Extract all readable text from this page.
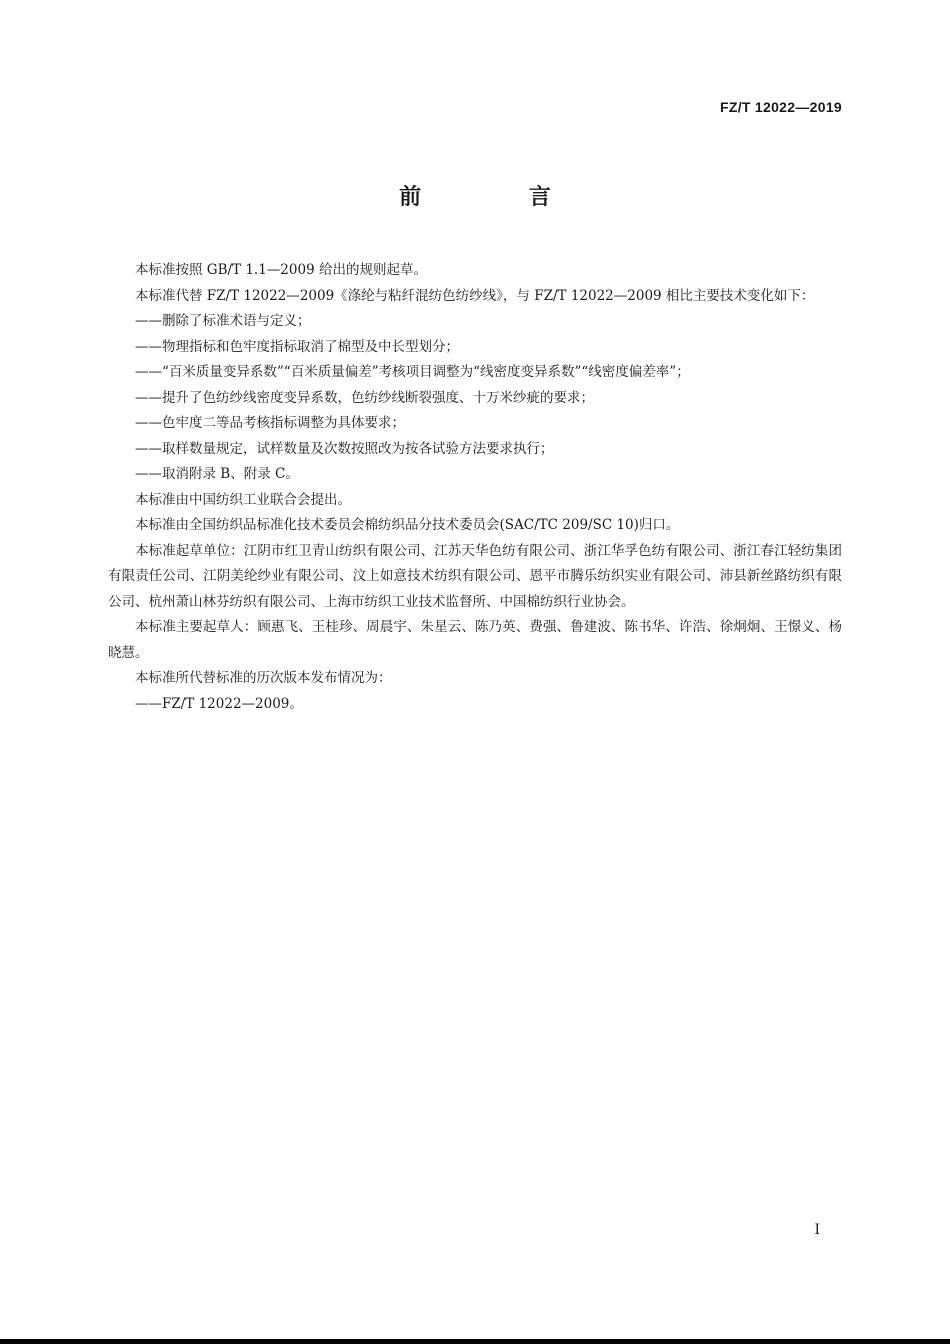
FZ/T 12022—2019
前 言

本标准按照 GB/T 1.1—2009 给出的规则起草。

本标准代替 FZ/T 12022—2009《涤纶与粘纤混纺色纺纱线》，与 FZ/T 12022—2009 相比主要技术变化如下：

——删除了标准术语与定义；

——物理指标和色牢度指标取消了棉型及中长型划分；

——“百米质量变异系数”“百米质量偏差”考核项目调整为“线密度变异系数”“线密度偏差率”；

——提升了色纺纱线密度变异系数，色纺纱线断裂强度、十万米纱疵的要求；

——色牢度二等品考核指标调整为具体要求；

——取样数量规定，试样数量及次数按照改为按各试验方法要求执行；

——取消附录 B、附录 C。

本标准由中国纺织工业联合会提出。

本标准由全国纺织品标准化技术委员会棉纺织品分技术委员会(SAC/TC 209/SC 10)归口。

本标准起草单位：江阴市红卫青山纺织有限公司、江苏天华色纺有限公司、浙江华孚色纺有限公司、浙江春江轻纺集团有限责任公司、江阴美纶纱业有限公司、汶上如意技术纺织有限公司、恩平市腾乐纺织实业有限公司、沛县新丝路纺织有限公司、杭州萧山林芬纺织有限公司、上海市纺织工业技术监督所、中国棉纺织行业协会。

本标准主要起草人：顾惠飞、王桂珍、周晨宇、朱星云、陈乃英、费强、鲁建波、陈书华、许浩、徐炯炯、王憬义、杨晓慧。

本标准所代替标准的历次版本发布情况为：

——FZ/T 12022—2009。

I
